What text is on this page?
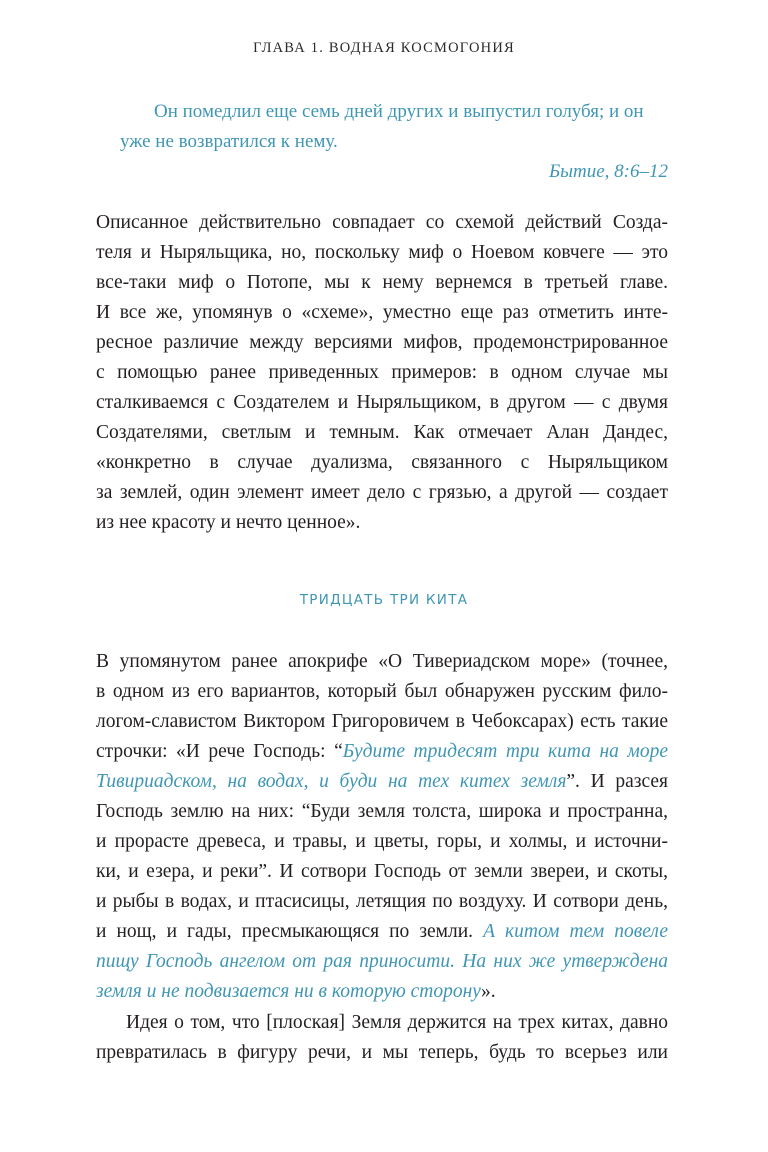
ГЛАВА 1. ВОДНАЯ КОСМОГОНИЯ
Он помедлил еще семь дней других и выпустил голубя; и он
уже не возвратился к нему.
Бытие, 8:6–12
Описанное действительно совпадает со схемой действий Созда-
теля и Ныряльщика, но, поскольку миф о Ноевом ковчеге — это
все-таки миф о Потопе, мы к нему вернемся в третьей главе.
И все же, упомянув о «схеме», уместно еще раз отметить инте-
ресное различие между версиями мифов, продемонстрированное
с помощью ранее приведенных примеров: в одном случае мы
сталкиваемся с Создателем и Ныряльщиком, в другом — с двумя
Создателями, светлым и темным. Как отмечает Алан Дандес,
«конкретно в случае дуализма, связанного с Ныряльщиком
за землей, один элемент имеет дело с грязью, а другой — создает
из нее красоту и нечто ценное».
ТРИДЦАТЬ ТРИ КИТА
В упомянутом ранее апокрифе «О Тивериадском море» (точнее,
в одном из его вариантов, который был обнаружен русским фило-
логом-славистом Виктором Григоровичем в Чебоксарах) есть такие
строчки: «И рече Господь: “Будите тридесят три кита на море
Тивириадском, на водах, и буди на тех китех земля”. И разсея
Господь землю на них: “Буди земля толста, широка и пространна,
и прорасте древеса, и травы, и цветы, горы, и холмы, и источни-
ки, и езера, и реки”. И сотвори Господь от земли звереи, и скоты,
и рыбы в водах, и птасисицы, летящия по воздуху. И сотвори день,
и нощ, и гады, пресмыкающяся по земли. А китом тем повеле
пищу Господь ангелом от рая приносити. На них же утверждена
земля и не подвизается ни в которую сторону».
Идея о том, что [плоская] Земля держится на трех китах, давно
превратилась в фигуру речи, и мы теперь, будь то всерьез или
